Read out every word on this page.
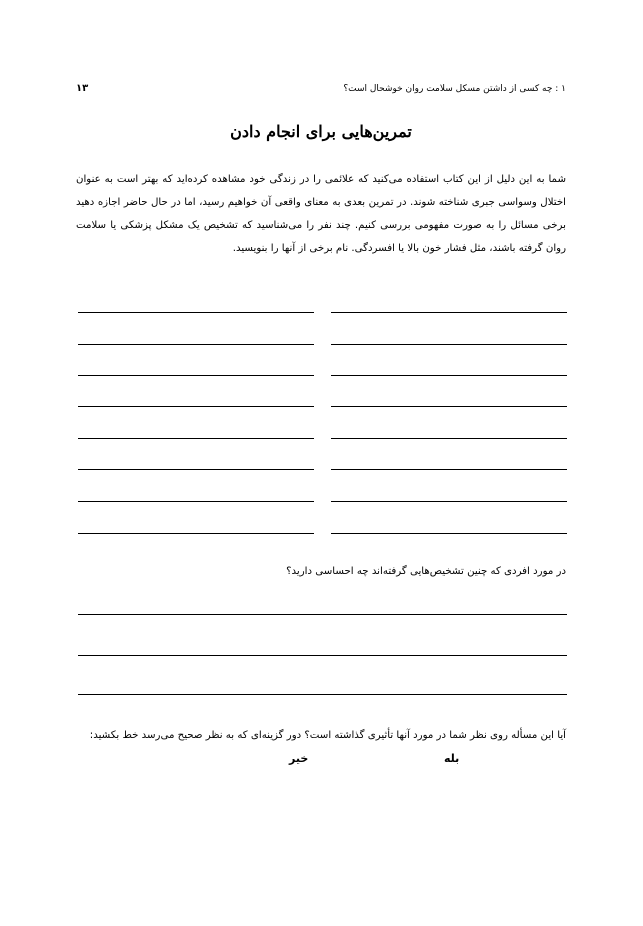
۱ : چه کسی از داشتن مسکل سلامت روان خوشحال است؟
۱۳
تمرین‌هایی برای انجام دادن

شما به این دلیل از این کتاب استفاده می‌کنید که علائمی را در زندگی خود مشاهده کرده‌اید که بهتر است به عنوان اختلال وسواسی جبری شناخته شوند. در تمرین بعدی به معنای واقعی آن خواهیم رسید، اما در حال حاضر اجازه دهید برخی مسائل را به صورت مفهومی بررسی کنیم. چند نفر را می‌شناسید که تشخیص یک مشکل پزشکی یا سلامت روان گرفته باشند، مثل فشار خون بالا یا افسردگی. نام برخی از آنها را بنویسید.

در مورد افردی که چنین تشخیص‌هایی گرفته‌اند چه احساسی دارید؟

آیا این مسأله روی نظر شما در مورد آنها تأثیری گذاشته است؟ دور گزینه‌ای که به نظر صحیح می‌رسد خط بکشید:

بله
خیر
